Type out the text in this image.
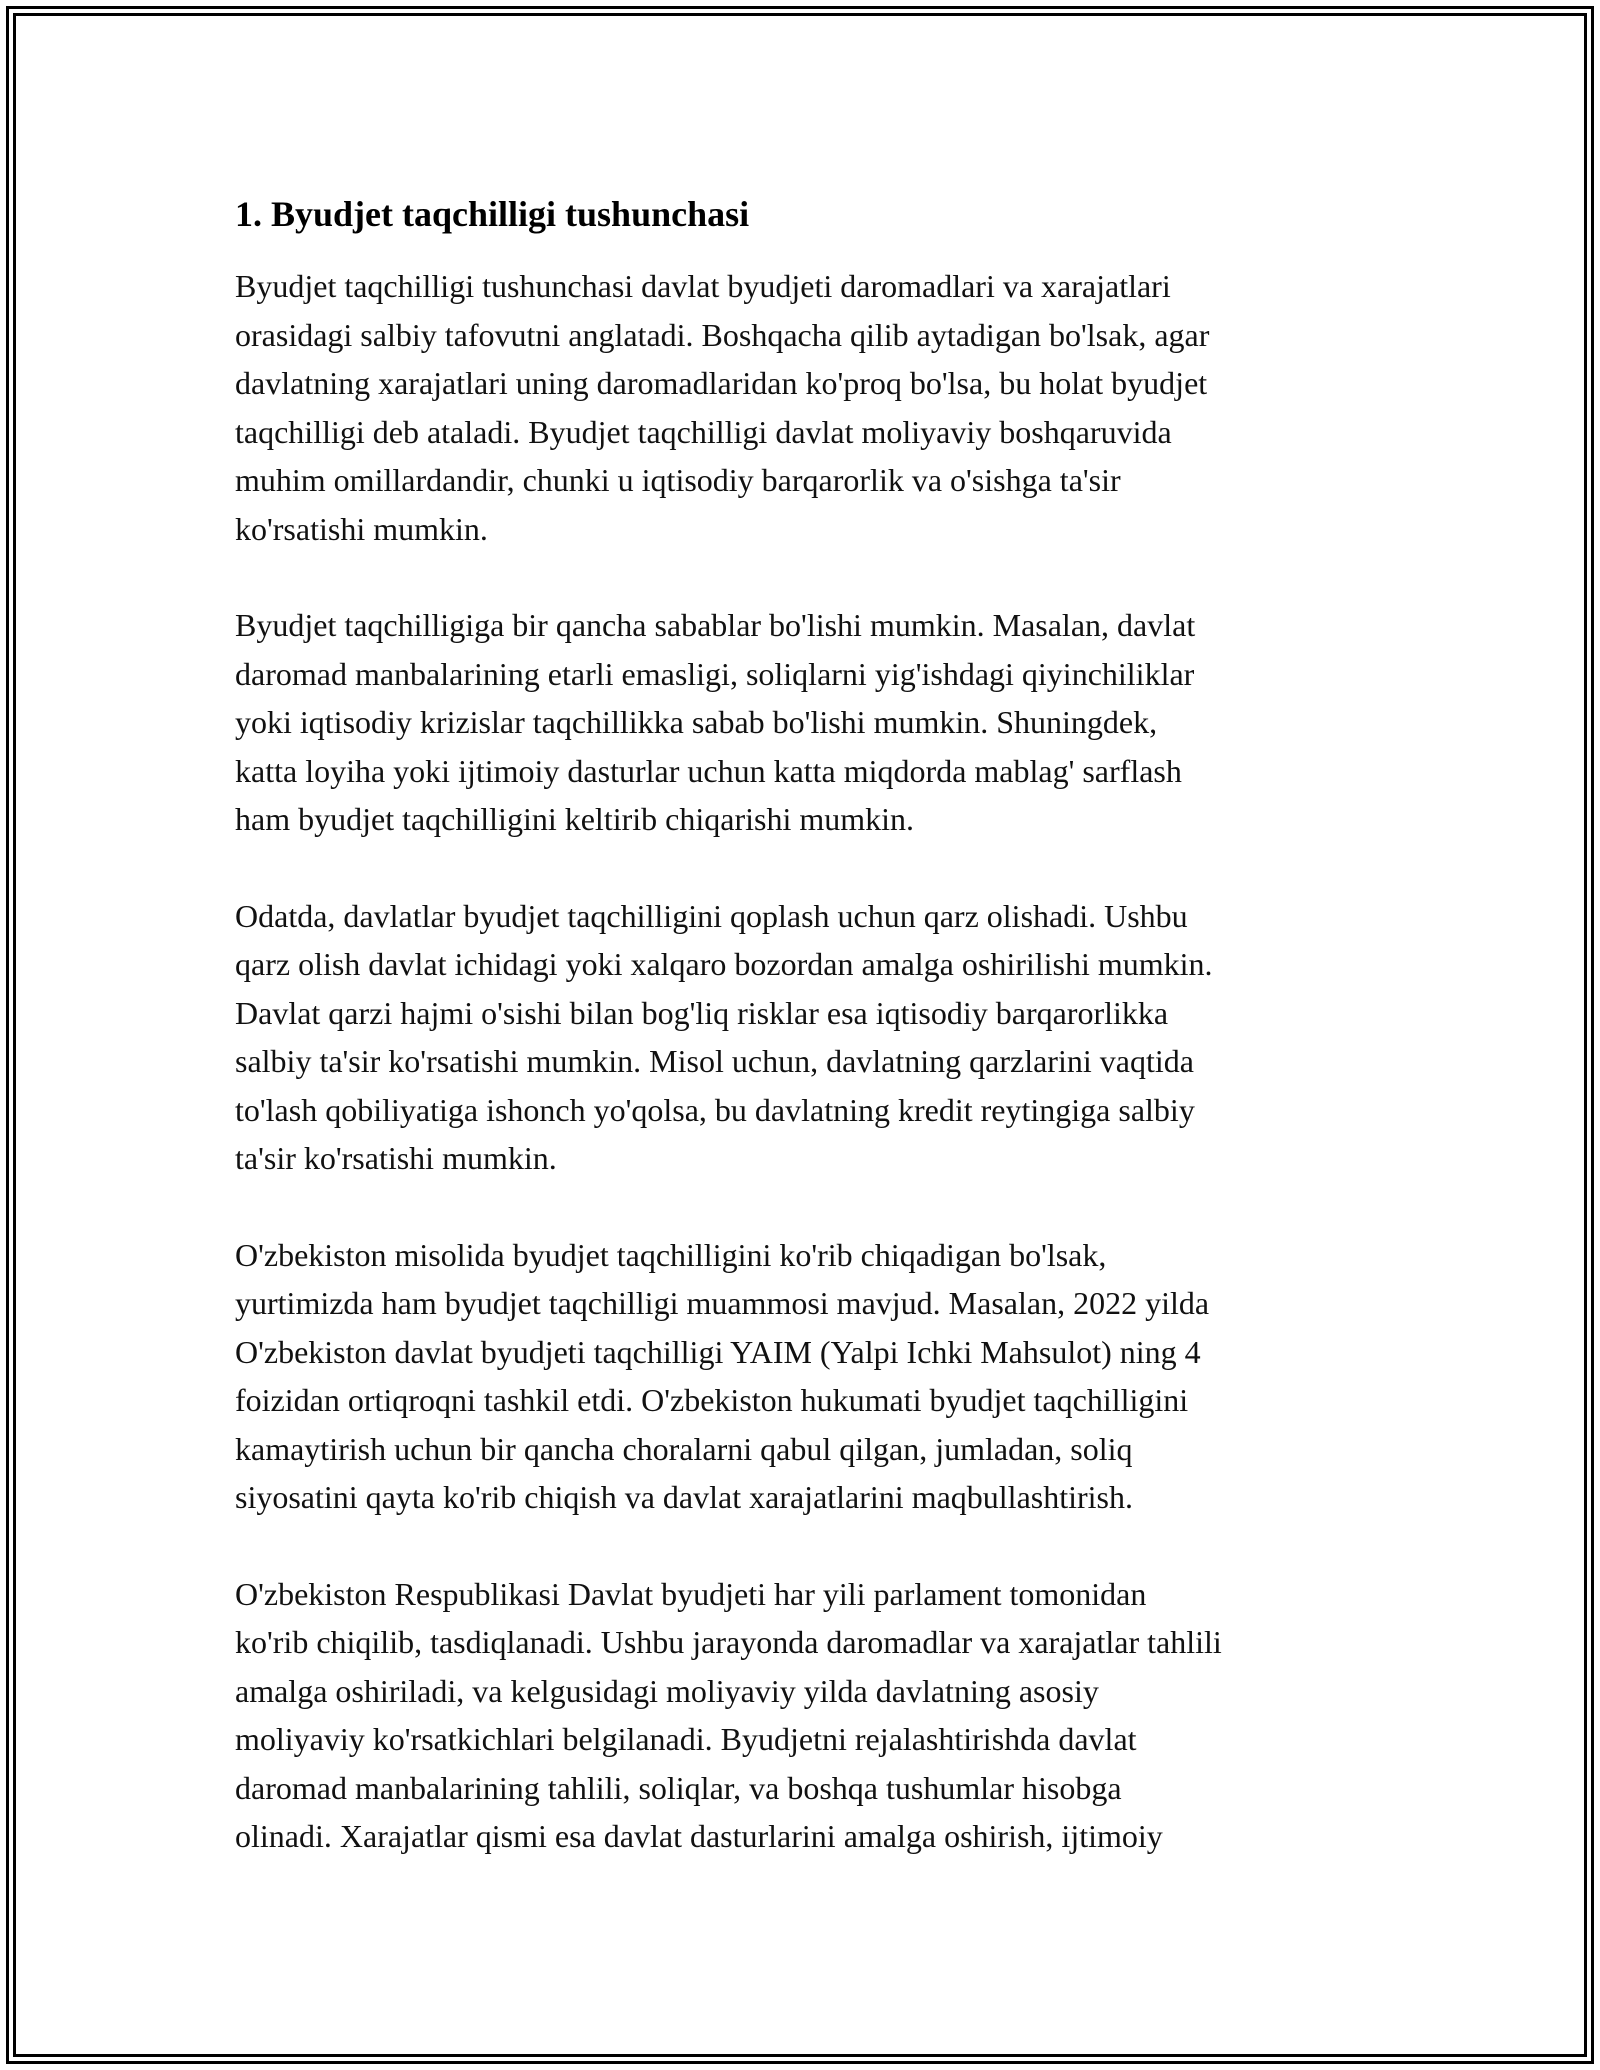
1. Byudjet taqchilligi tushunchasi

Byudjet taqchilligi tushunchasi davlat byudjeti daromadlari va xarajatlari
orasidagi salbiy tafovutni anglatadi. Boshqacha qilib aytadigan bo'lsak, agar
davlatning xarajatlari uning daromadlaridan ko'proq bo'lsa, bu holat byudjet
taqchilligi deb ataladi. Byudjet taqchilligi davlat moliyaviy boshqaruvida
muhim omillardandir, chunki u iqtisodiy barqarorlik va o'sishga ta'sir
ko'rsatishi mumkin.

Byudjet taqchilligiga bir qancha sabablar bo'lishi mumkin. Masalan, davlat
daromad manbalarining etarli emasligi, soliqlarni yig'ishdagi qiyinchiliklar
yoki iqtisodiy krizislar taqchillikka sabab bo'lishi mumkin. Shuningdek,
katta loyiha yoki ijtimoiy dasturlar uchun katta miqdorda mablag' sarflash
ham byudjet taqchilligini keltirib chiqarishi mumkin.

Odatda, davlatlar byudjet taqchilligini qoplash uchun qarz olishadi. Ushbu
qarz olish davlat ichidagi yoki xalqaro bozordan amalga oshirilishi mumkin.
Davlat qarzi hajmi o'sishi bilan bog'liq risklar esa iqtisodiy barqarorlikka
salbiy ta'sir ko'rsatishi mumkin. Misol uchun, davlatning qarzlarini vaqtida
to'lash qobiliyatiga ishonch yo'qolsa, bu davlatning kredit reytingiga salbiy
ta'sir ko'rsatishi mumkin.

O'zbekiston misolida byudjet taqchilligini ko'rib chiqadigan bo'lsak,
yurtimizda ham byudjet taqchilligi muammosi mavjud. Masalan, 2022 yilda
O'zbekiston davlat byudjeti taqchilligi YAIM (Yalpi Ichki Mahsulot) ning 4
foizidan ortiqroqni tashkil etdi. O'zbekiston hukumati byudjet taqchilligini
kamaytirish uchun bir qancha choralarni qabul qilgan, jumladan, soliq
siyosatini qayta ko'rib chiqish va davlat xarajatlarini maqbullashtirish.

O'zbekiston Respublikasi Davlat byudjeti har yili parlament tomonidan
ko'rib chiqilib, tasdiqlanadi. Ushbu jarayonda daromadlar va xarajatlar tahlili
amalga oshiriladi, va kelgusidagi moliyaviy yilda davlatning asosiy
moliyaviy ko'rsatkichlari belgilanadi. Byudjetni rejalashtirishda davlat
daromad manbalarining tahlili, soliqlar, va boshqa tushumlar hisobga
olinadi. Xarajatlar qismi esa davlat dasturlarini amalga oshirish, ijtimoiy
